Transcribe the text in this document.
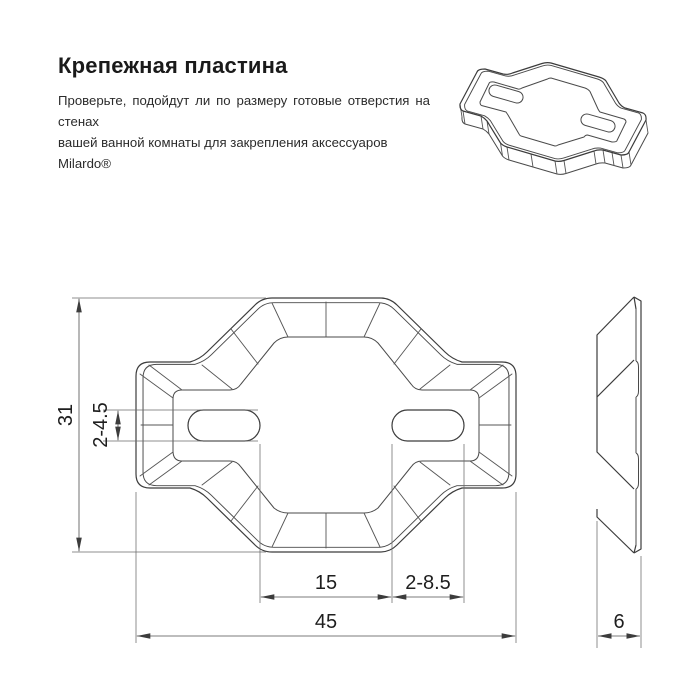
Крепежная пластина
Проверьте, подойдут ли по размеру готовые отверстия на стенах
вашей ванной комнаты для закрепления аксессуаров Milardo®
31 2-4.5
15	2-8.5
45	6
